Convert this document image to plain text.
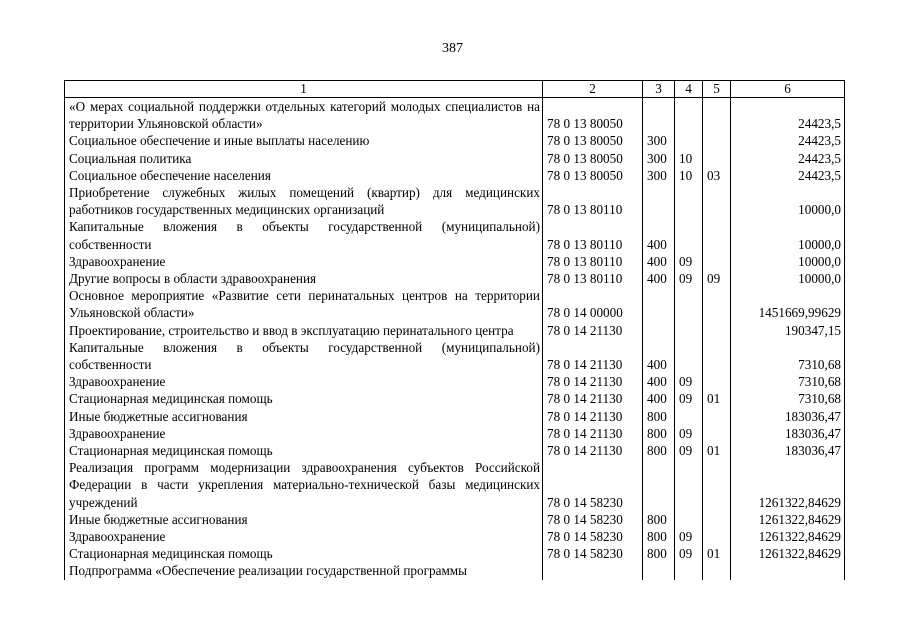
387
1	2	3	4	5	6
«О мерах социальной поддержки отдельных категорий молодых специалистов на территории Ульяновской области»	78 0 13 80050				24423,5
Социальное обеспечение и иные выплаты населению	78 0 13 80050	300			24423,5
Социальная политика	78 0 13 80050	300	10		24423,5
Социальное обеспечение населения	78 0 13 80050	300	10	03	24423,5
Приобретение служебных жилых помещений (квартир) для медицинских работников государственных медицинских организаций	78 0 13 80110				10000,0
Капитальные вложения в объекты государственной (муниципальной) собственности	78 0 13 80110	400			10000,0
Здравоохранение	78 0 13 80110	400	09		10000,0
Другие вопросы в области здравоохранения	78 0 13 80110	400	09	09	10000,0
Основное мероприятие «Развитие сети перинатальных центров на территории Ульяновской области»	78 0 14 00000				1451669,99629
Проектирование, строительство и ввод в эксплуатацию перинатального центра	78 0 14 21130				190347,15
Капитальные вложения в объекты государственной (муниципальной) собственности	78 0 14 21130	400			7310,68
Здравоохранение	78 0 14 21130	400	09		7310,68
Стационарная медицинская помощь	78 0 14 21130	400	09	01	7310,68
Иные бюджетные ассигнования	78 0 14 21130	800			183036,47
Здравоохранение	78 0 14 21130	800	09		183036,47
Стационарная медицинская помощь	78 0 14 21130	800	09	01	183036,47
Реализация программ модернизации здравоохранения субъектов Российской Федерации в части укрепления материально-технической базы медицинских учреждений	78 0 14 58230				1261322,84629
Иные бюджетные ассигнования	78 0 14 58230	800			1261322,84629
Здравоохранение	78 0 14 58230	800	09		1261322,84629
Стационарная медицинская помощь	78 0 14 58230	800	09	01	1261322,84629
Подпрограмма «Обеспечение реализации государственной программы					
